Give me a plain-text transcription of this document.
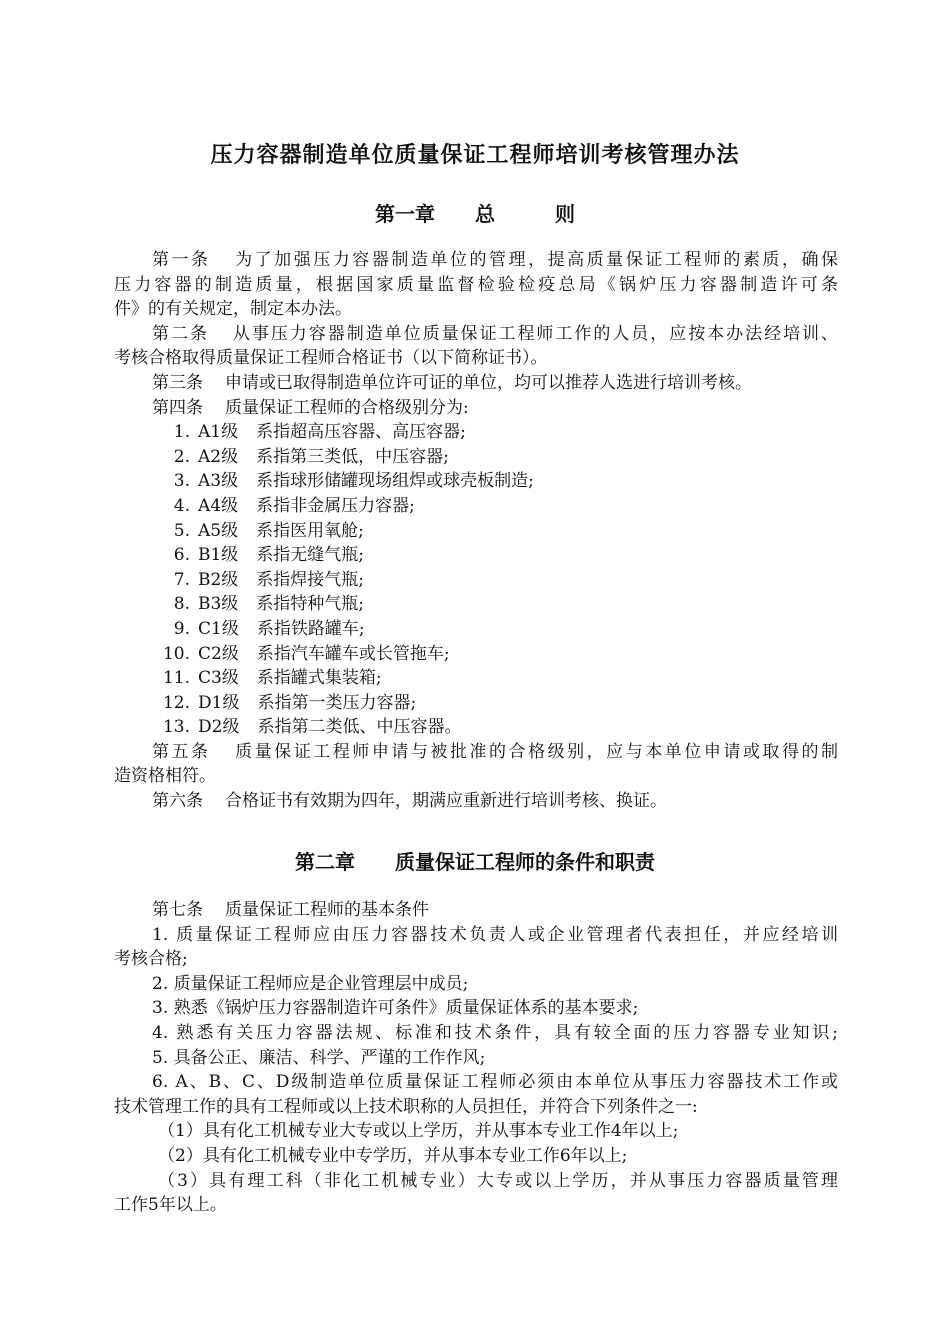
压力容器制造单位质量保证工程师培训考核管理办法
第一章　　总　　　则
第一条 为了加强压力容器制造单位的管理，提高质量保证工程师的素质，确保
压力容器的制造质量，根据国家质量监督检验检疫总局《锅炉压力容器制造许可条
件》的有关规定，制定本办法。
第二条 从事压力容器制造单位质量保证工程师工作的人员，应按本办法经培训、
考核合格取得质量保证工程师合格证书（以下简称证书）。
第三条 申请或已取得制造单位许可证的单位，均可以推荐人选进行培训考核。
第四条 质量保证工程师的合格级别分为:
1. A1级 系指超高压容器、高压容器;
2. A2级 系指第三类低，中压容器;
3. A3级 系指球形储罐现场组焊或球壳板制造;
4. A4级 系指非金属压力容器;
5. A5级 系指医用氧舱;
6. B1级 系指无缝气瓶;
7. B2级 系指焊接气瓶;
8. B3级 系指特种气瓶;
9. C1级 系指铁路罐车;
10. C2级 系指汽车罐车或长管拖车;
11. C3级 系指罐式集装箱;
12. D1级 系指第一类压力容器;
13. D2级 系指第二类低、中压容器。
第五条 质量保证工程师申请与被批准的合格级别，应与本单位申请或取得的制
造资格相符。
第六条 合格证书有效期为四年，期满应重新进行培训考核、换证。
第二章　　质量保证工程师的条件和职责
第七条 质量保证工程师的基本条件
1. 质量保证工程师应由压力容器技术负责人或企业管理者代表担任，并应经培训
考核合格;
2. 质量保证工程师应是企业管理层中成员;
3. 熟悉《锅炉压力容器制造许可条件》质量保证体系的基本要求;
4. 熟悉有关压力容器法规、标准和技术条件，具有较全面的压力容器专业知识;
5. 具备公正、廉洁、科学、严谨的工作作风;
6. A、B、C、D级制造单位质量保证工程师必须由本单位从事压力容器技术工作或
技术管理工作的具有工程师或以上技术职称的人员担任，并符合下列条件之一:
（1）具有化工机械专业大专或以上学历，并从事本专业工作4年以上;
（2）具有化工机械专业中专学历，并从事本专业工作6年以上;
（3）具有理工科（非化工机械专业）大专或以上学历，并从事压力容器质量管理
工作5年以上。
